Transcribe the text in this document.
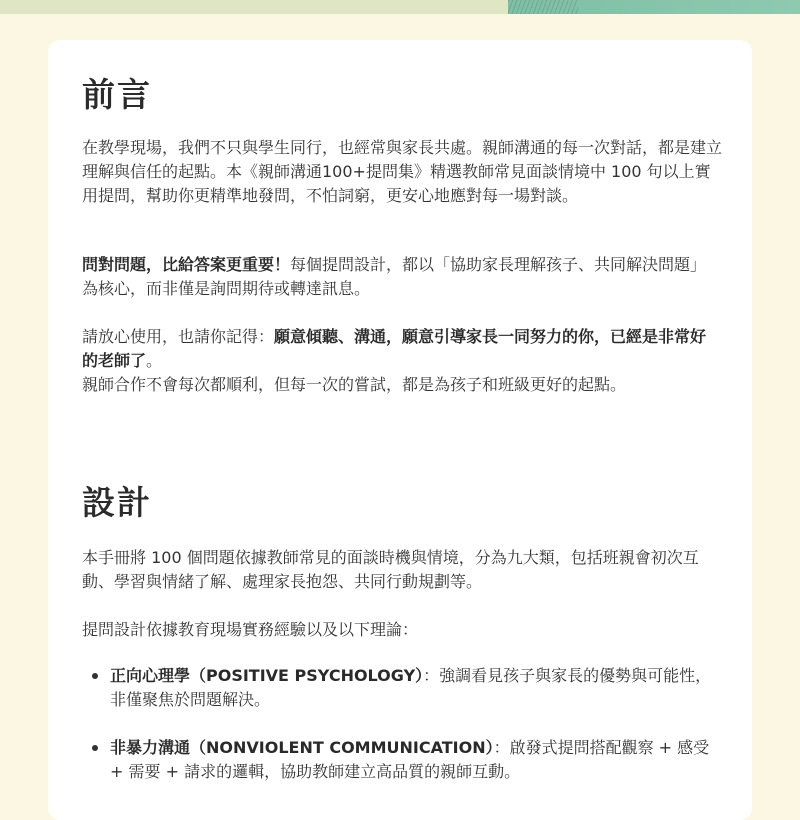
前言

在教學現場，我們不只與學生同行，也經常與家長共處。親師溝通的每一次對話，都是建立理解與信任的起點。本《親師溝通100+提問集》精選教師常見面談情境中 100 句以上實用提問，幫助你更精準地發問，不怕詞窮，更安心地應對每一場對談。

問對問題，比給答案更重要！每個提問設計，都以「協助家長理解孩子、共同解決問題」為核心，而非僅是詢問期待或轉達訊息。

請放心使用，也請你記得：願意傾聽、溝通，願意引導家長一同努力的你，已經是非常好的老師了。
親師合作不會每次都順利，但每一次的嘗試，都是為孩子和班級更好的起點。

設計

本手冊將 100 個問題依據教師常見的面談時機與情境，分為九大類，包括班親會初次互動、學習與情緒了解、處理家長抱怨、共同行動規劃等。

提問設計依據教育現場實務經驗以及以下理論：

正向心理學（POSITIVE PSYCHOLOGY）：強調看見孩子與家長的優勢與可能性，非僅聚焦於問題解決。
非暴力溝通（NONVIOLENT COMMUNICATION）：啟發式提問搭配觀察 + 感受 + 需要 + 請求的邏輯，協助教師建立高品質的親師互動。
